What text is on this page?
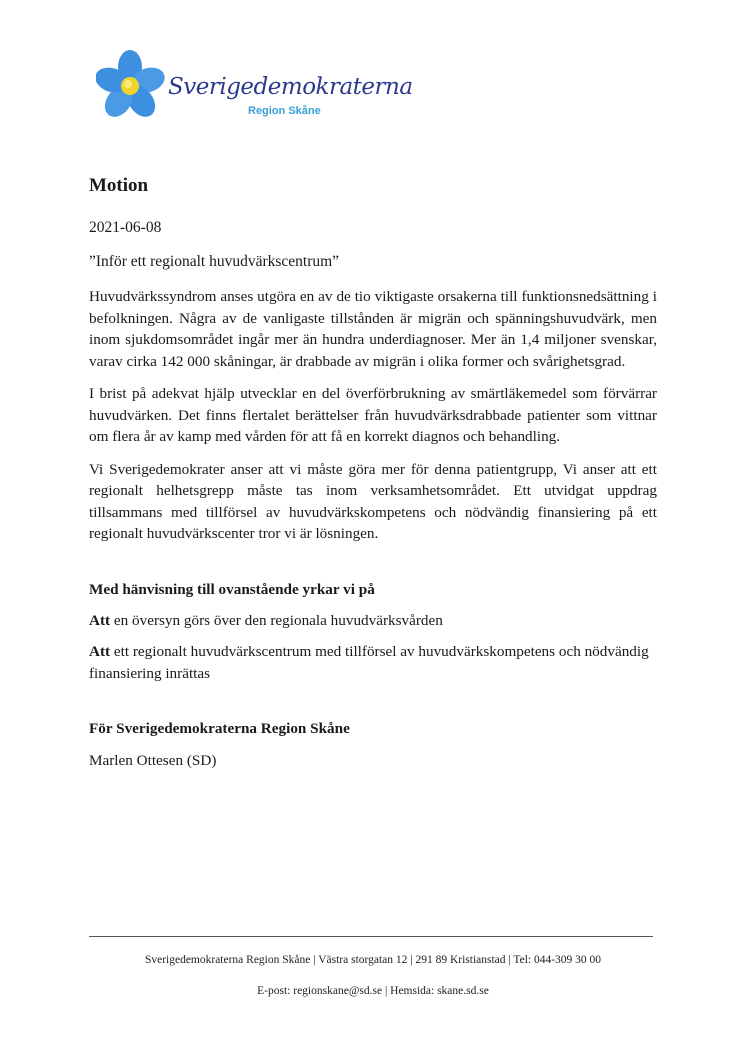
Sverigedemokraterna
Region Skåne
Motion
2021-06-08
”Inför ett regionalt huvudvärkscentrum”

Huvudvärkssyndrom anses utgöra en av de tio viktigaste orsakerna till funktionsnedsättning i befolkningen. Några av de vanligaste tillstånden är migrän och spänningshuvudvärk, men inom sjukdomsområdet ingår mer än hundra underdiagnoser. Mer än 1,4 miljoner svenskar, varav cirka 142 000 skåningar, är drabbade av migrän i olika former och svårighetsgrad.

I brist på adekvat hjälp utvecklar en del överförbrukning av smärtläkemedel som förvärrar huvudvärken. Det finns flertalet berättelser från huvudvärksdrabbade patienter som vittnar om flera år av kamp med vården för att få en korrekt diagnos och behandling.

Vi Sverigedemokrater anser att vi måste göra mer för denna patientgrupp, Vi anser att ett regionalt helhetsgrepp måste tas inom verksamhetsområdet. Ett utvidgat uppdrag tillsammans med tillförsel av huvudvärkskompetens och nödvändig finansiering på ett regionalt huvudvärkscenter tror vi är lösningen.

Med hänvisning till ovanstående yrkar vi på
Att en översyn görs över den regionala huvudvärksvården
Att ett regionalt huvudvärkscentrum med tillförsel av huvudvärkskompetens och nödvändig finansiering inrättas
För Sverigedemokraterna Region Skåne
Marlen Ottesen (SD)
Sverigedemokraterna Region Skåne | Västra storgatan 12 | 291 89 Kristianstad | Tel: 044-309 30 00
E-post: regionskane@sd.se | Hemsida: skane.sd.se
